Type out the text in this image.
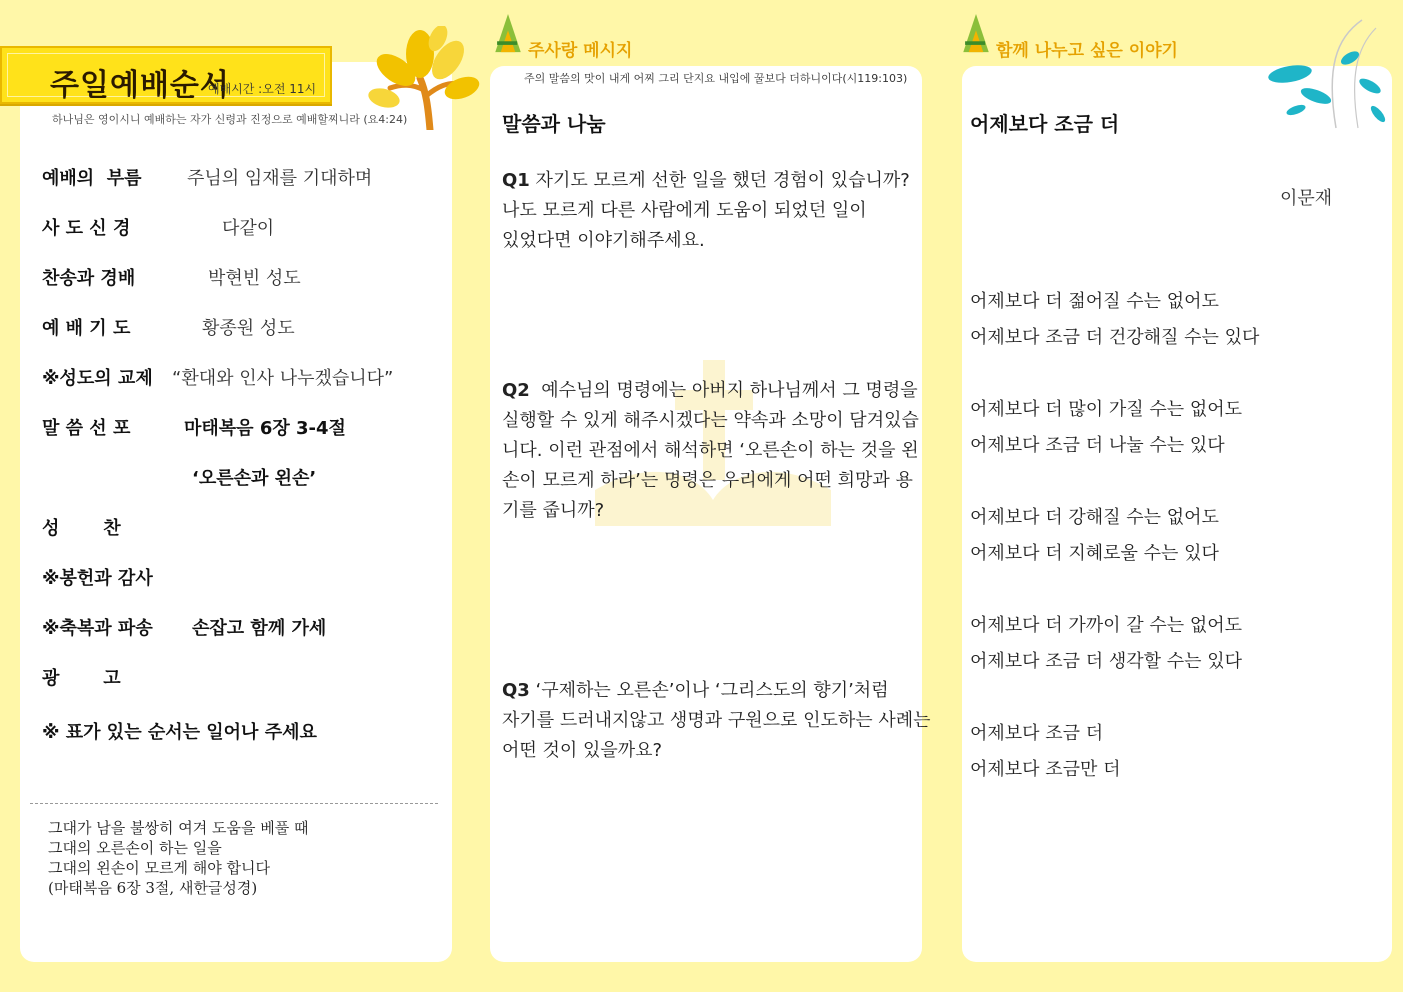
주일예배순서
예배시간 :오전 11시
하나님은 영이시니 예배하는 자가 신령과 진정으로 예배할찌니라 (요4:24)
예배의  부름	주님의 임재를 기대하며
사 도 신 경	다같이
찬송과 경배	박현빈 성도
예 배 기 도	황종원 성도
※성도의 교제 “환대와 인사 나누겠습니다”
말 씀 선 포	마태복음 6장 3-4절
‘오른손과 왼손’
성       찬
※봉헌과 감사
※축복과 파송 손잡고 함께 가세
광       고
※ 표가 있는 순서는 일어나 주세요
그대가 남을 불쌍히 여겨 도움을 베풀 때
그대의 오른손이 하는 일을
그대의 왼손이 모르게 해야 합니다
(마태복음 6장 3절, 새한글성경)
주사랑 메시지
주의 말씀의 맛이 내게 어찌 그리 단지요 내입에 꿀보다 더하니이다(시119:103)
말씀과 나눔
Q1 자기도 모르게 선한 일을 했던 경험이 있습니까?
나도 모르게 다른 사람에게 도움이 되었던 일이
있었다면 이야기해주세요.
Q2  예수님의 명령에는 아버지 하나님께서 그 명령을
실행할 수 있게 해주시겠다는 약속과 소망이 담겨있습
니다. 이런 관점에서 해석하면 ‘오른손이 하는 것을 왼
손이 모르게 하라’는 명령은 우리에게 어떤 희망과 용
기를 줍니까?
Q3 ‘구제하는 오른손’이나 ‘그리스도의 향기’처럼
자기를 드러내지않고 생명과 구원으로 인도하는 사례는
어떤 것이 있을까요?
함께 나누고 싶은 이야기
어제보다 조금 더
이문재
어제보다 더 젊어질 수는 없어도
어제보다 조금 더 건강해질 수는 있다
어제보다 더 많이 가질 수는 없어도
어제보다 조금 더 나눌 수는 있다
어제보다 더 강해질 수는 없어도
어제보다 더 지혜로울 수는 있다
어제보다 더 가까이 갈 수는 없어도
어제보다 조금 더 생각할 수는 있다
어제보다 조금 더
어제보다 조금만 더
